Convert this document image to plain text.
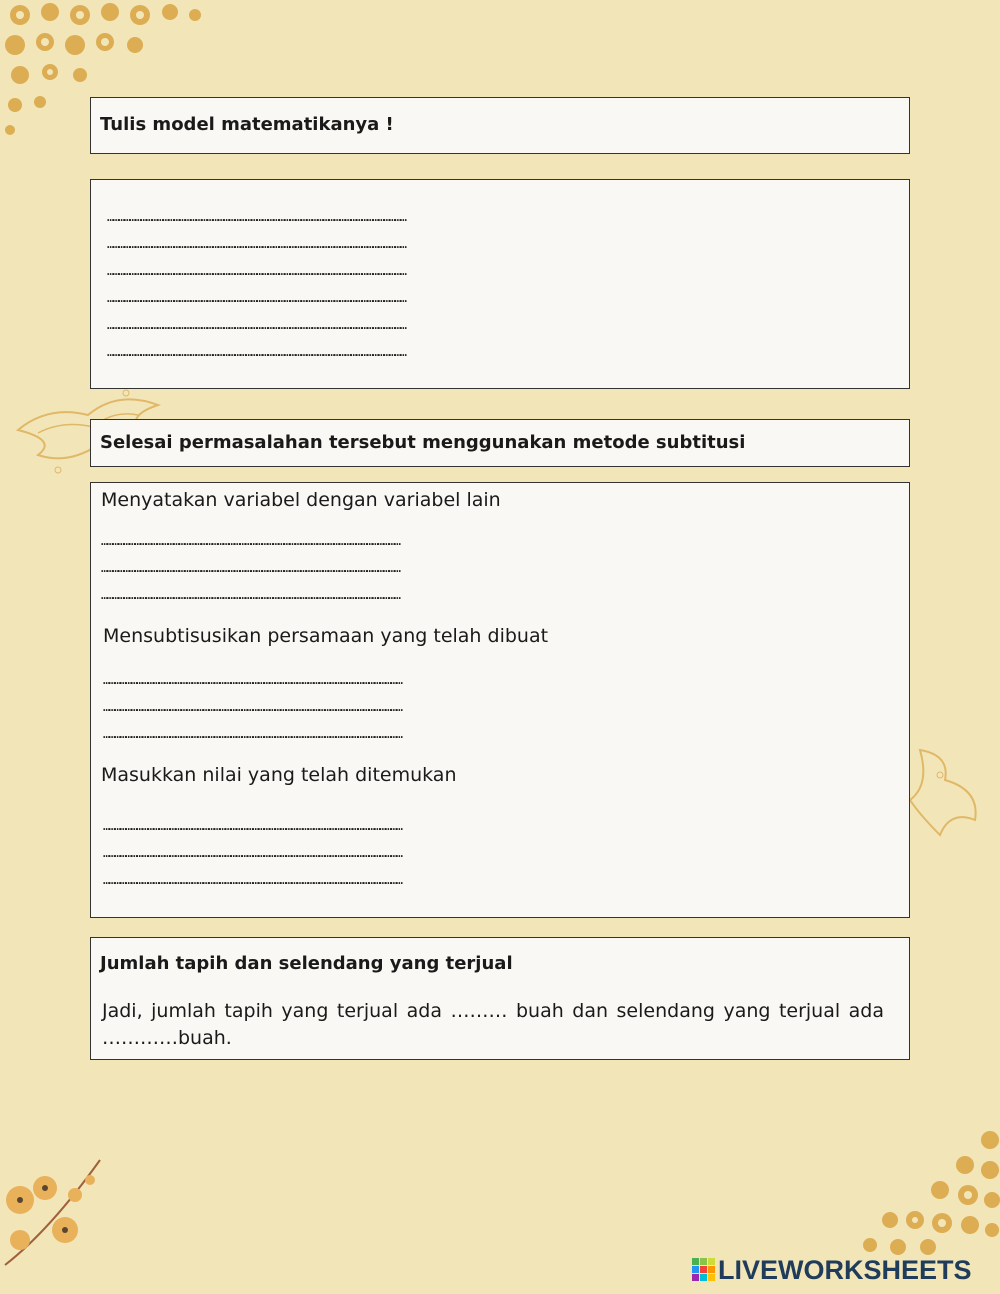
Tulis model matematikanya !
………………………………………………………………………………………………………………………………………………
………………………………………………………………………………………………………………………………………………
………………………………………………………………………………………………………………………………………………
………………………………………………………………………………………………………………………………………………
………………………………………………………………………………………………………………………………………………
………………………………………………………………………………………………………………………………………………
Selesai permasalahan tersebut menggunakan metode subtitusi
Menyatakan variabel dengan variabel lain
………………………………………………………………………………………………………………………………………………
………………………………………………………………………………………………………………………………………………
………………………………………………………………………………………………………………………………………………
Mensubtisusikan persamaan yang telah dibuat
………………………………………………………………………………………………………………………………………………
………………………………………………………………………………………………………………………………………………
………………………………………………………………………………………………………………………………………………
Masukkan nilai yang telah ditemukan
………………………………………………………………………………………………………………………………………………
………………………………………………………………………………………………………………………………………………
………………………………………………………………………………………………………………………………………………
Jumlah tapih dan selendang yang terjual
Jadi, jumlah tapih yang terjual ada ……… buah dan selendang yang terjual ada …………buah.
LIVEWORKSHEETS
